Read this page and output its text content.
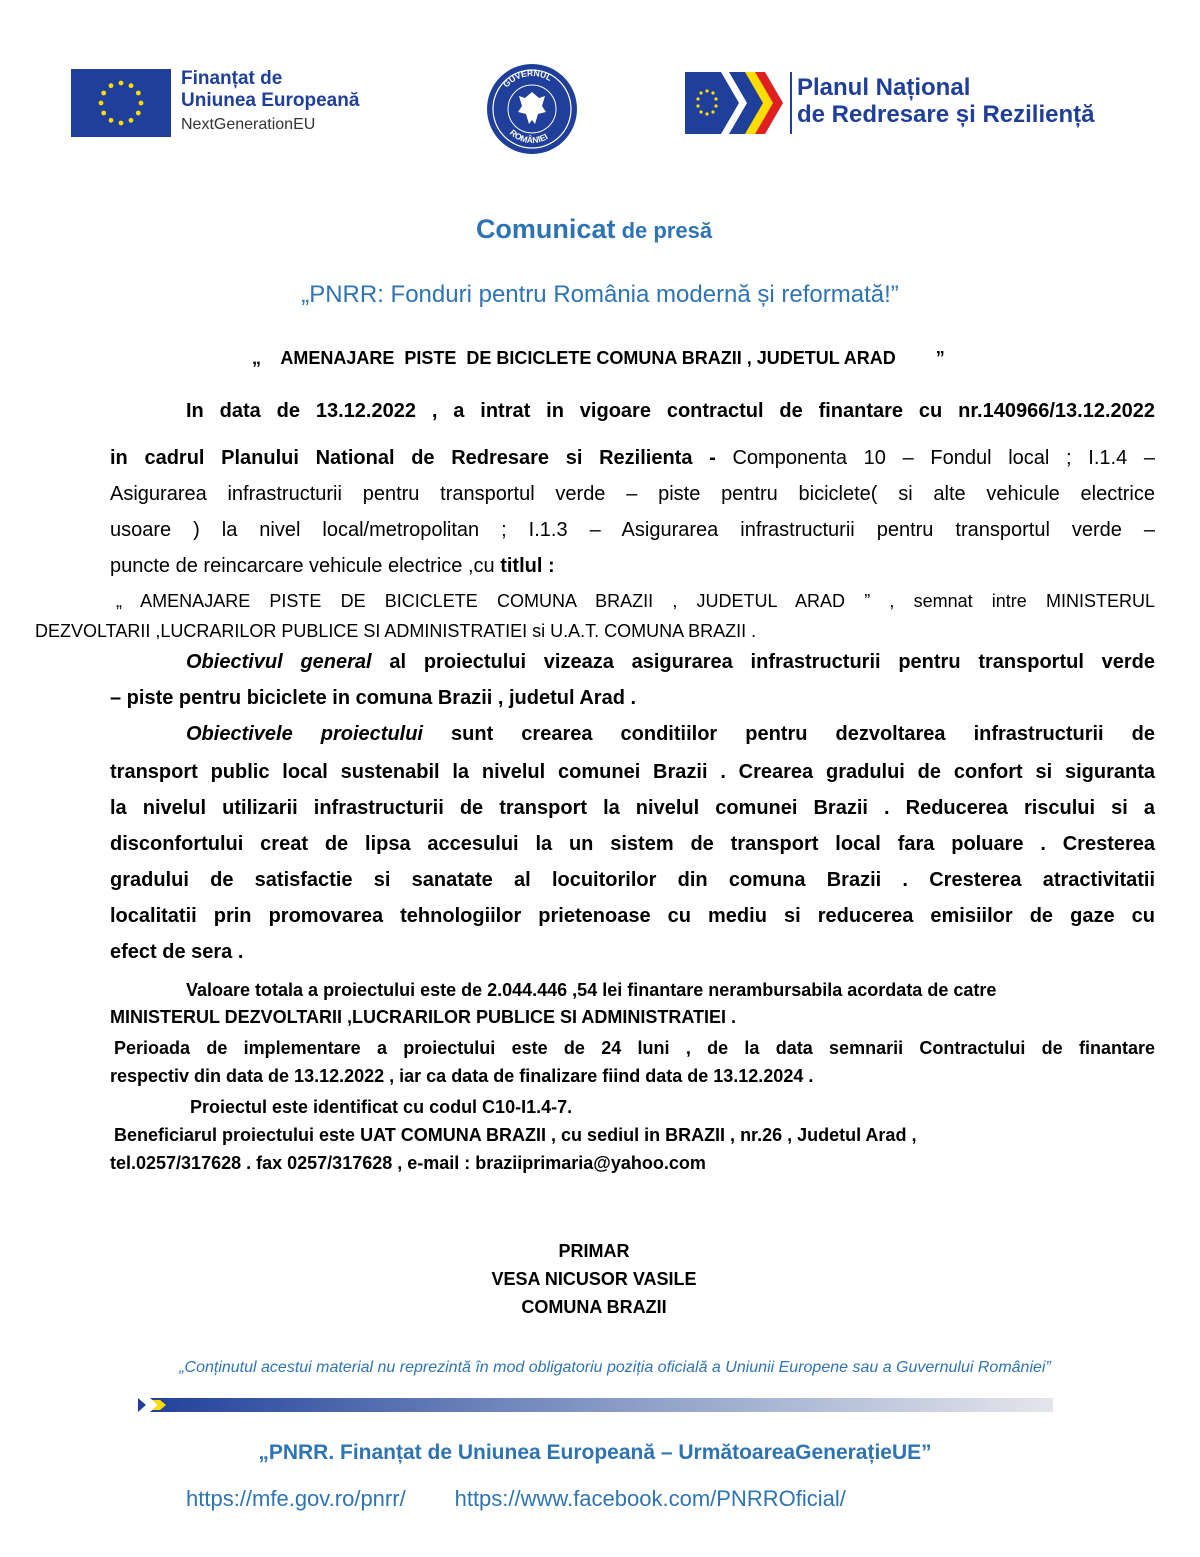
Finanțat de
Uniunea Europeană
NextGenerationEU
GUVERNUL
ROMÂNIEI
Planul Național
de Redresare și Reziliență
Comunicat de presă
„PNRR: Fonduri pentru România modernă și reformată!”
„    AMENAJARE  PISTE  DE BICICLETE COMUNA BRAZII , JUDETUL ARAD        ”
In data de 13.12.2022 , a intrat in vigoare contractul de finantare cu nr.140966/13.12.2022
in cadrul Planului National de Redresare si Rezilienta - Componenta 10 – Fondul local ; I.1.4 –
Asigurarea infrastructurii pentru transportul verde – piste pentru biciclete( si alte vehicule electrice
usoare ) la nivel local/metropolitan ; I.1.3 – Asigurarea infrastructurii pentru transportul verde –
puncte de reincarcare vehicule electrice ,cu titlul :
„ AMENAJARE PISTE DE BICICLETE COMUNA BRAZII , JUDETUL ARAD ” , semnat intre MINISTERUL
DEZVOLTARII ,LUCRARILOR PUBLICE SI ADMINISTRATIEI si U.A.T. COMUNA BRAZII .
Obiectivul general al proiectului vizeaza asigurarea infrastructurii pentru transportul verde
– piste pentru biciclete in comuna Brazii , judetul Arad .
Obiectivele proiectului sunt crearea conditiilor pentru dezvoltarea infrastructurii de
transport public local sustenabil la nivelul comunei Brazii . Crearea gradului de confort si siguranta
la nivelul utilizarii infrastructurii de transport la nivelul comunei Brazii . Reducerea riscului si a
disconfortului creat de lipsa accesului la un sistem de transport local fara poluare . Cresterea
gradului de satisfactie si sanatate al locuitorilor din comuna Brazii . Cresterea atractivitatii
localitatii prin promovarea tehnologiilor prietenoase cu mediu si reducerea emisiilor de gaze cu
efect de sera .
Valoare totala a proiectului este de 2.044.446 ,54 lei finantare nerambursabila acordata de catre
MINISTERUL DEZVOLTARII ,LUCRARILOR PUBLICE SI ADMINISTRATIEI .
Perioada de implementare a proiectului este de 24 luni , de la data semnarii Contractului de finantare
respectiv din data de 13.12.2022 , iar ca data de finalizare fiind data de 13.12.2024 .
Proiectul este identificat cu codul C10-I1.4-7.
Beneficiarul proiectului este UAT COMUNA BRAZII , cu sediul in BRAZII , nr.26 , Judetul Arad ,
tel.0257/317628 . fax 0257/317628 , e-mail : braziiprimaria@yahoo.com
PRIMAR
VESA NICUSOR VASILE
COMUNA BRAZII
„Conținutul acestui material nu reprezintă în mod obligatoriu poziția oficială a Uniunii Europene sau a Guvernului României”
„PNRR. Finanțat de Uniunea Europeană – UrmătoareaGenerațieUE”
https://mfe.gov.ro/pnrr/ https://www.facebook.com/PNRROficial/
